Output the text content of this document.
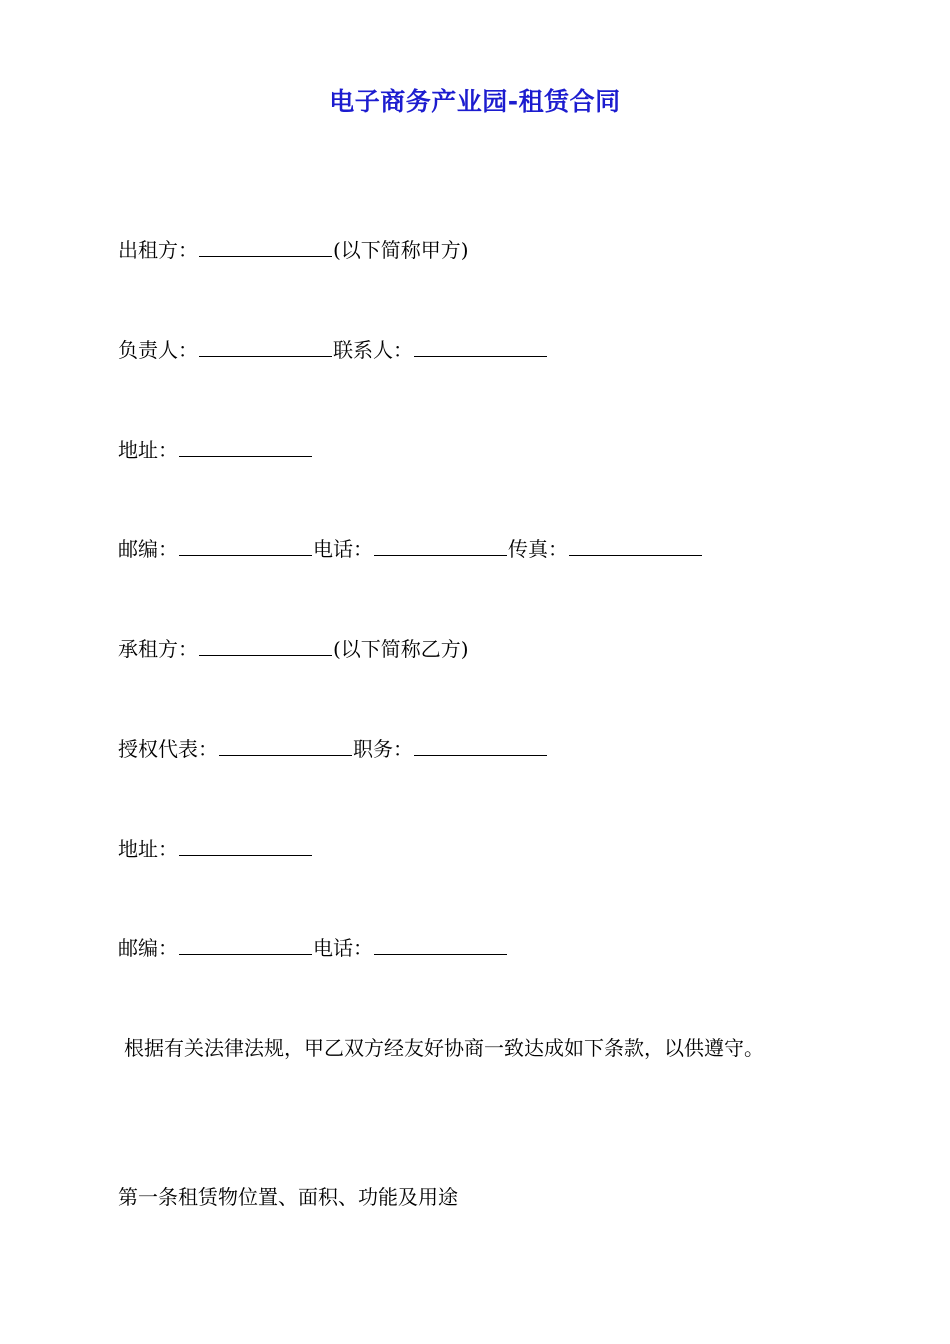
电子商务产业园-租赁合同
出租方：	(以下简称甲方)
负责人：	联系人：
地址：
邮编：	电话：	传真：
承租方：	(以下简称乙方)
授权代表：	职务：
地址：
邮编：	电话：
根据有关法律法规，甲乙双方经友好协商一致达成如下条款，以供遵守。
第一条租赁物位置、面积、功能及用途
